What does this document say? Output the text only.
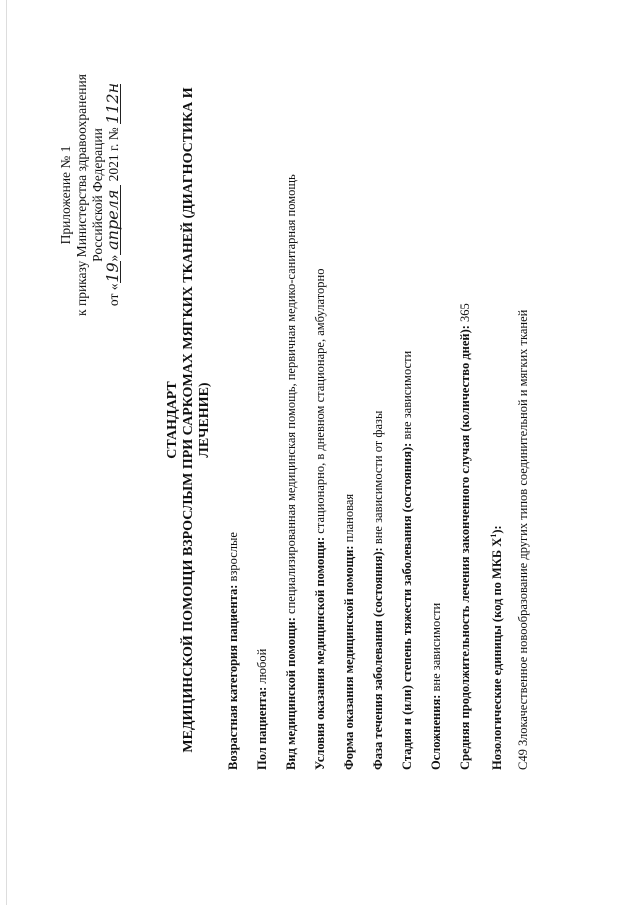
Приложение № 1 к приказу Министерства здравоохранения Российской Федерации
от «19»апреля 2021 г. № 112н
СТАНДАРТ МЕДИЦИНСКОЙ ПОМОЩИ ВЗРОСЛЫМ ПРИ САРКОМАХ МЯГКИХ ТКАНЕЙ (ДИАГНОСТИКА И ЛЕЧЕНИЕ)
Возрастная категория пациента: взрослые
Пол пациента: любой	Вид медицинской помощи: специализированная медицинская помощь, первичная медико-санитарная помощь
Условия оказания медицинской помощи: стационарно, в дневном стационаре, амбулаторно
Форма оказания медицинской помощи: плановая
Фаза течения заболевания (состояния): вне зависимости от фазы	Стадия и (или) степень тяжести заболевания (состояния): вне зависимости
Осложнения: вне зависимости	Средняя продолжительность лечения законченного случая (количество дней): 365
Нозологические единицы (код по МКБ $X^1$): C49 Злокачественное новообразование других типов соединительной и мягких тканей
